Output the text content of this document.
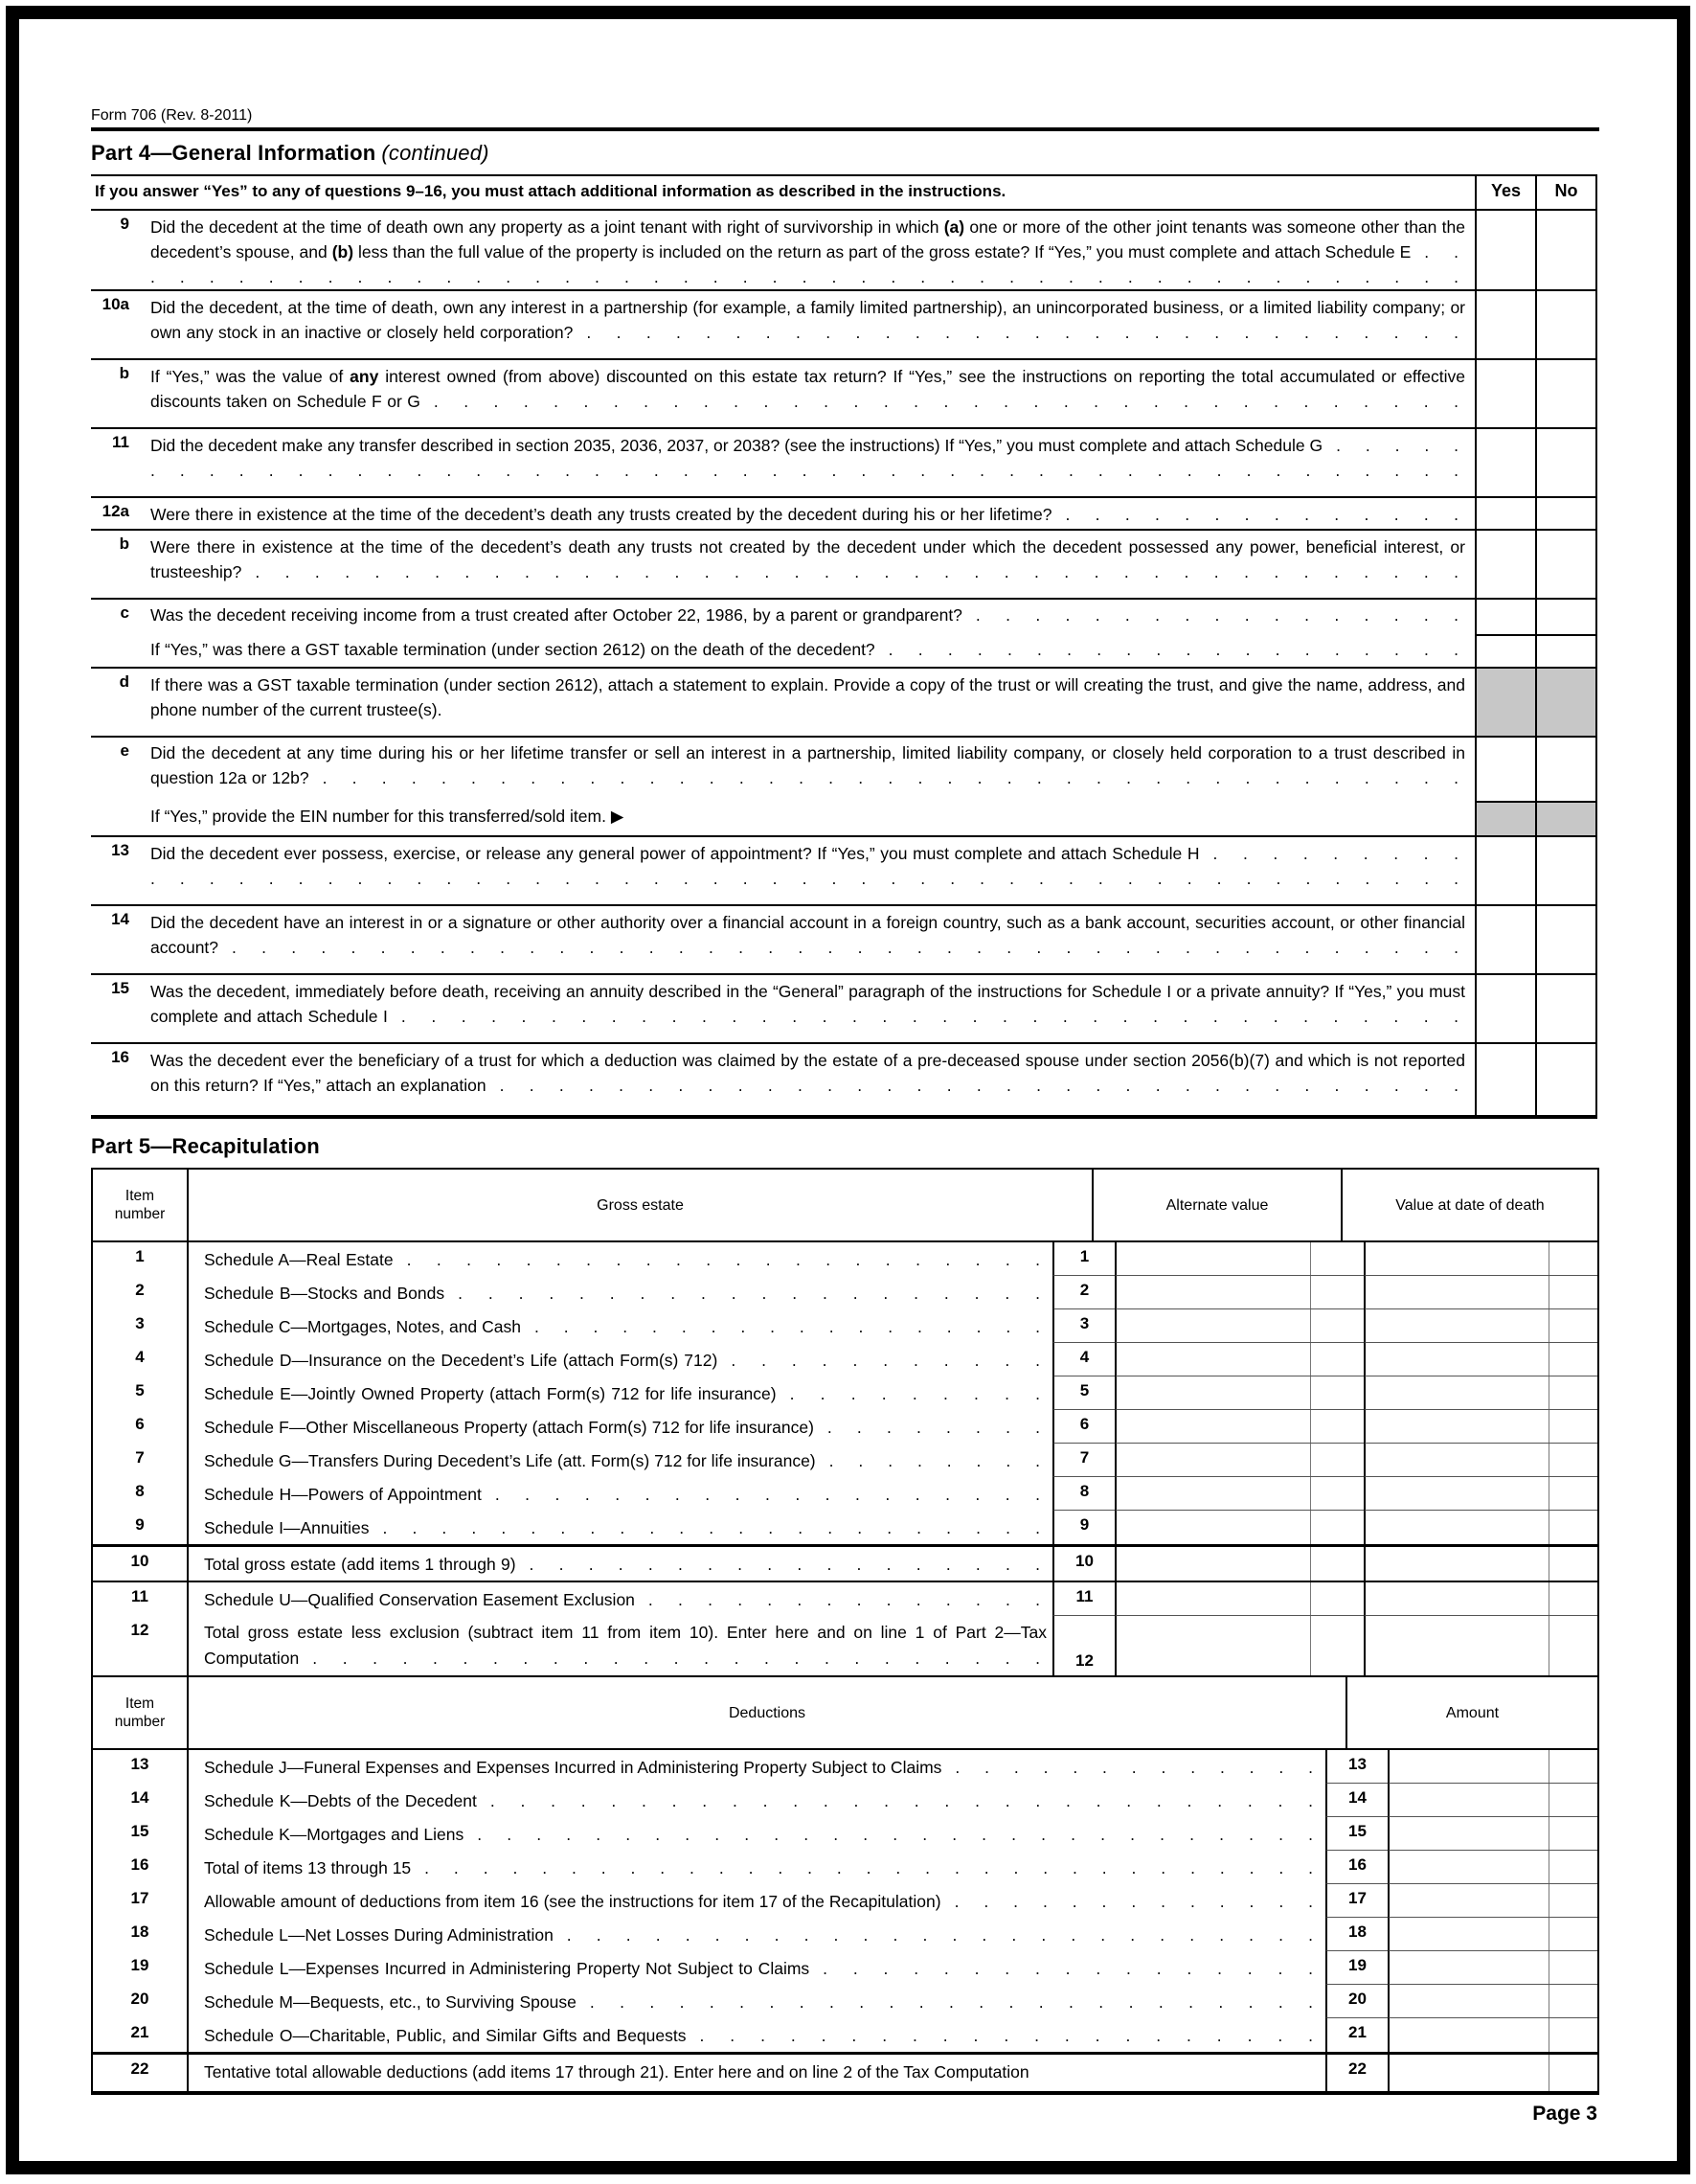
Form 706 (Rev. 8-2011)
Part 4—General Information (continued)
If you answer “Yes” to any of questions 9–16, you must attach additional information as described in the instructions.	Yes	No
9	Did the decedent at the time of death own any property as a joint tenant with right of survivorship in which (a) one or more of the other joint tenants was someone other than the decedent’s spouse, and (b) less than the full value of the property is included on the return as part of the gross estate? If “Yes,” you must complete and attach Schedule E . . .
10a	Did the decedent, at the time of death, own any interest in a partnership (for example, a family limited partnership), an unincorporated business, or a limited liability company; or own any stock in an inactive or closely held corporation? . . .
b	If “Yes,” was the value of any interest owned (from above) discounted on this estate tax return? If “Yes,” see the instructions on reporting the total accumulated or effective discounts taken on Schedule F or G . . .
11	Did the decedent make any transfer described in section 2035, 2036, 2037, or 2038? (see the instructions) If “Yes,” you must complete and attach Schedule G . . .
12a	Were there in existence at the time of the decedent’s death any trusts created by the decedent during his or her lifetime? . . .
b	Were there in existence at the time of the decedent’s death any trusts not created by the decedent under which the decedent possessed any power, beneficial interest, or trusteeship? . . .
c	Was the decedent receiving income from a trust created after October 22, 1986, by a parent or grandparent? . . .
If “Yes,” was there a GST taxable termination (under section 2612) on the death of the decedent? . . .
d	If there was a GST taxable termination (under section 2612), attach a statement to explain. Provide a copy of the trust or will creating the trust, and give the name, address, and phone number of the current trustee(s).
e	Did the decedent at any time during his or her lifetime transfer or sell an interest in a partnership, limited liability company, or closely held corporation to a trust described in question 12a or 12b? . . .
If “Yes,” provide the EIN number for this transferred/sold item. ▶
13	Did the decedent ever possess, exercise, or release any general power of appointment? If “Yes,” you must complete and attach Schedule H . . .
14	Did the decedent have an interest in or a signature or other authority over a financial account in a foreign country, such as a bank account, securities account, or other financial account? . . .
15	Was the decedent, immediately before death, receiving an annuity described in the “General” paragraph of the instructions for Schedule I or a private annuity? If “Yes,” you must complete and attach Schedule I . . .
16	Was the decedent ever the beneficiary of a trust for which a deduction was claimed by the estate of a pre-deceased spouse under section 2056(b)(7) and which is not reported on this return? If “Yes,” attach an explanation . . .
Part 5—Recapitulation
Item number
Gross estate	Alternate value	Value at date of death
1	Schedule A—Real Estate . . .	1
2	Schedule B—Stocks and Bonds . . .	2
3	Schedule C—Mortgages, Notes, and Cash . . .	3
4	Schedule D—Insurance on the Decedent’s Life (attach Form(s) 712) . . .	4
5	Schedule E—Jointly Owned Property (attach Form(s) 712 for life insurance) . . .	5
6	Schedule F—Other Miscellaneous Property (attach Form(s) 712 for life insurance) . . .	6
7	Schedule G—Transfers During Decedent’s Life (att. Form(s) 712 for life insurance) . . .	7
8	Schedule H—Powers of Appointment . . .	8
9	Schedule I—Annuities . . .	9
10	Total gross estate (add items 1 through 9) . . .	10
11	Schedule U—Qualified Conservation Easement Exclusion . . .	11
12	Total gross estate less exclusion (subtract item 11 from item 10). Enter here and on line 1 of Part 2—Tax Computation . . .	12
Item number
Deductions	Amount
13	Schedule J—Funeral Expenses and Expenses Incurred in Administering Property Subject to Claims . . .	13
14	Schedule K—Debts of the Decedent . . .	14
15	Schedule K—Mortgages and Liens . . .	15
16	Total of items 13 through 15 . . .	16
17	Allowable amount of deductions from item 16 (see the instructions for item 17 of the Recapitulation) . . .	17
18	Schedule L—Net Losses During Administration . . .	18
19	Schedule L—Expenses Incurred in Administering Property Not Subject to Claims . . .	19
20	Schedule M—Bequests, etc., to Surviving Spouse . . .	20
21	Schedule O—Charitable, Public, and Similar Gifts and Bequests . . .	21
22	Tentative total allowable deductions (add items 17 through 21). Enter here and on line 2 of the Tax Computation	22
Page 3
